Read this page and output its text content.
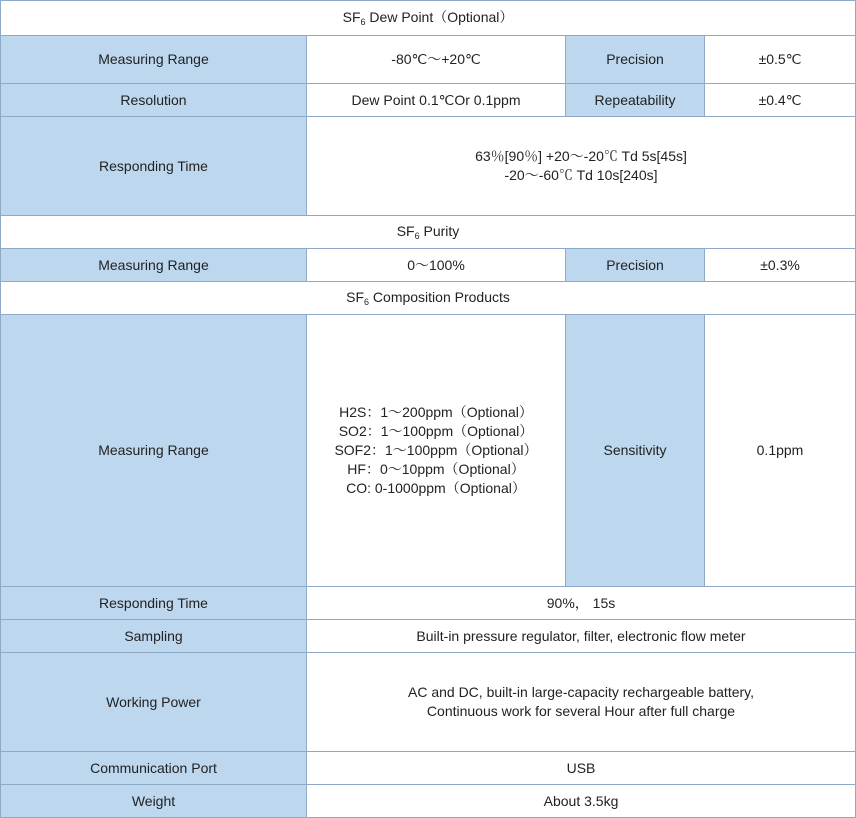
$SF_6$ Dew Point（Optional）			
Measuring Range	-80℃～+20℃	Precision	±0.5℃
Resolution	Dew Point 0.1℃Or 0.1ppm	Repeatability	±0.4℃
Responding Time	63％[90％] +20～-20℃ Td 5s[45s]
-20～-60℃ Td 10s[240s]		

$SF_6$ Purity			
Measuring Range	0～100%	Precision	±0.3%
$SF_6$ Composition Products			
Measuring Range	H2S：1～200ppm（Optional）
SO2：1～100ppm（Optional）
SOF2：1～100ppm（Optional）
HF：0～10ppm（Optional）
CO: 0-1000ppm（Optional）	Sensitivity	0.1ppm
Responding Time	90%， 15s		
Sampling	Built-in pressure regulator, filter, electronic flow meter		
Working Power	AC and DC, built-in large-capacity rechargeable battery,
Continuous work for several Hour after full charge		

Communication Port	USB		
Weight	About 3.5kg		
